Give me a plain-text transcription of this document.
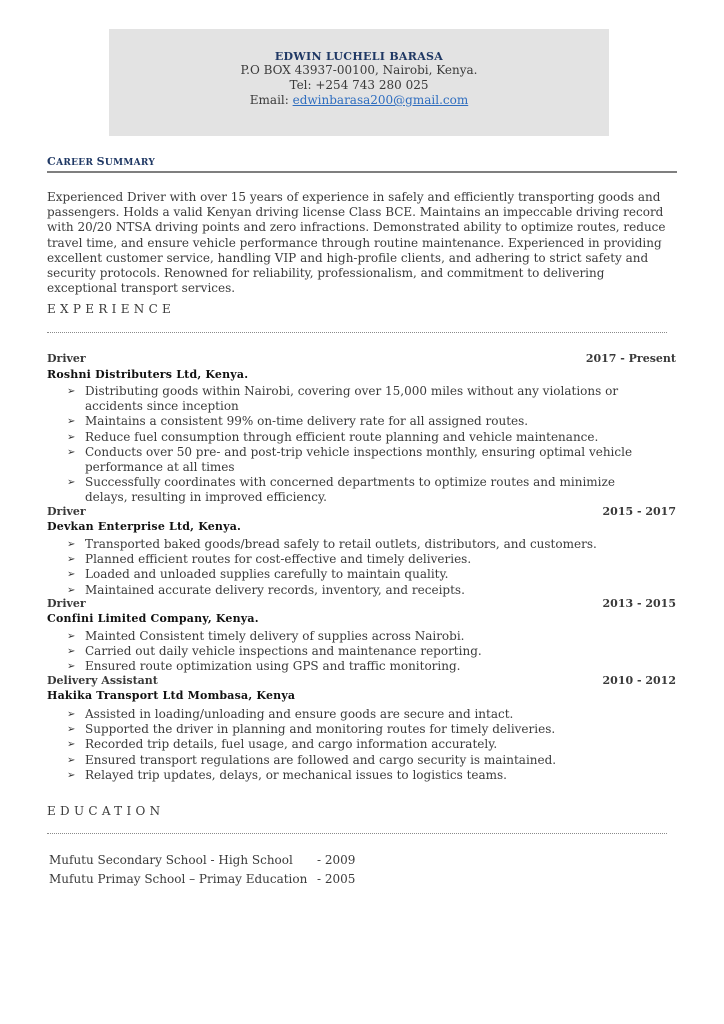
EDWIN LUCHELI BARASA
P.O BOX 43937-00100, Nairobi, Kenya.
Tel: +254 743 280 025
Email: edwinbarasa200@gmail.com
CAREER SUMMARY
Experienced Driver with over 15 years of experience in safely and efficiently transporting goods and passengers. Holds a valid Kenyan driving license Class BCE. Maintains an impeccable driving record with 20/20 NTSA driving points and zero infractions. Demonstrated ability to optimize routes, reduce travel time, and ensure vehicle performance through routine maintenance. Experienced in providing excellent customer service, handling VIP and high-profile clients, and adhering to strict safety and security protocols. Renowned for reliability, professionalism, and commitment to delivering exceptional transport services.
EXPERIENCE
Driver	2017 - Present
Roshni Distributers Ltd, Kenya.
➢ Distributing goods within Nairobi, covering over 15,000 miles without any violations or accidents since inception
➢ Maintains a consistent 99% on-time delivery rate for all assigned routes.
➢ Reduce fuel consumption through efficient route planning and vehicle maintenance.
➢ Conducts over 50 pre- and post-trip vehicle inspections monthly, ensuring optimal vehicle performance at all times
➢ Successfully coordinates with concerned departments to optimize routes and minimize delays, resulting in improved efficiency.
Driver	2015 - 2017
Devkan Enterprise Ltd, Kenya.
➢ Transported baked goods/bread safely to retail outlets, distributors, and customers.
➢ Planned efficient routes for cost-effective and timely deliveries.
➢ Loaded and unloaded supplies carefully to maintain quality.
➢ Maintained accurate delivery records, inventory, and receipts.
Driver	2013 - 2015
Confini Limited Company, Kenya.
➢ Mainted Consistent timely delivery of supplies across Nairobi.
➢ Carried out daily vehicle inspections and maintenance reporting.
➢ Ensured route optimization using GPS and traffic monitoring.
Delivery Assistant	2010 - 2012
Hakika Transport Ltd Mombasa, Kenya
➢ Assisted in loading/unloading and ensure goods are secure and intact.
➢ Supported the driver in planning and monitoring routes for timely deliveries.
➢ Recorded trip details, fuel usage, and cargo information accurately.
➢ Ensured transport regulations are followed and cargo security is maintained.
➢ Relayed trip updates, delays, or mechanical issues to logistics teams.
EDUCATION
Mufutu Secondary School - High School - 2009
Mufutu Primay School – Primay Education - 2005
